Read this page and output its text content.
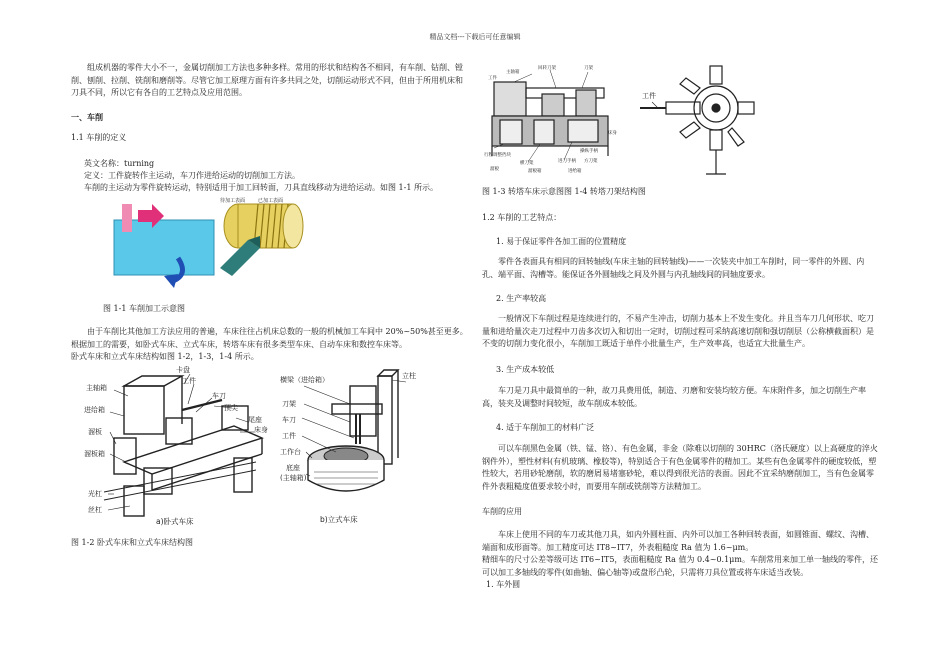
精品文档---下载后可任意编辑

组成机器的零件大小不一，金属切削加工方法也多种多样。常用的形状和结构各不相同，有车削、钻削、镗削、刨削、拉削、铣削和磨削等。尽管它加工原理方面有许多共同之处，切削运动形式不同，但由于所用机床和刀具不同，所以它有各自的工艺特点及应用范围。

一、车削
1.1 车削的定义
英文名称：turning
定义：工件旋转作主运动，车刀作进给运动的切削加工方法。
车削的主运动为零件旋转运动，特别适用于加工回转面，刀具直线移动为进给运动。如图 1-1 所示。
待加工表面	已加工表面
图 1-1 车削加工示意图

由于车削比其他加工方法应用的普遍，车床往往占机床总数的一般的机械加工车间中 20%~50%甚至更多。根据加工的需要，如卧式车床、立式车床，转塔车床有很多类型车床、自动车床和数控车床等。

卧式车床和立式车床结构如图 1-2，1-3，1-4 所示。

卡盘
主轴箱
工件
进给箱
车刀
顶尖
尾座
溜板	床身
溜板箱
光杠
丝杠
a)卧式车床
横梁（进给箱）	立柱
刀架
车刀
工件
工作台
底座
(主轴箱)
b)立式车床
图 1-2 卧式车床和立式车床结构图
回转刀架
主轴箱
刀架
工件
床身
行程调整挡块
横刀架	进刀手柄
操纵手柄
方刀架
溜板	溜板箱	进给箱
工件
图 1-3 转塔车床示意图图 1-4 转塔刀架结构图
1.2 车削的工艺特点：
1. 易于保证零件各加工面的位置精度

零件各表面具有相同的回转轴线(车床主轴的回转轴线)——一次装夹中加工车削时，同一零件的外圆、内孔、端平面、沟槽等。能保证各外圆轴线之间及外圆与内孔轴线间的同轴度要求。

2. 生产率较高

一般情况下车削过程是连续进行的，不易产生冲击，切削力基本上不发生变化。并且当车刀几何形状、吃刀量和进给量次走刀过程中刀齿多次切入和切出一定时，切削过程可采纳高速切削和强切削层（公称横截面积）是不变的切削力变化很小，车削加工既适于单件小批量生产，生产效率高，也适宜大批量生产。

3. 生产成本较低

车刀是刀具中最简单的一种，故刀具费用低，制造、刃磨和安装均较方便。车床附件多，加之切削生产率高，装夹及调整时间较短，故车削成本较低。

4. 适于车削加工的材料广泛

可以车削黑色金属（铁、锰、铬）、有色金属，非金（除难以切削的 30HRC（洛氏硬度）以上高硬度的淬火钢件外），塑性材料(有机玻璃、橡胶等)，特别适合于有色金属零件的精加工。某些有色金属零件的硬度较低，塑性较大，若用砂轮磨削，软的磨屑易堵塞砂轮，难以得到很光洁的表面。因此不宜采纳磨削加工，当有色金属零件外表粗糙度值要求较小时，而要用车削或铣削等方法精加工。

车削的应用

车床上使用不同的车刀或其他刀具，如内外圆柱面、内外可以加工各种回转表面，如圆锥面、螺纹、沟槽、端面和成形面等。加工精度可达 IT8~IT7，外表粗糙度 Ra 值为 1.6~μm。

精细车的尺寸公差等级可达 IT6~IT5，表面粗糙度 Ra 值为 0.4~0.1μm。车削常用来加工单一轴线的零件，还可以加工多轴线的零件(如曲轴、偏心轴等)或盘形凸轮，只需将刀具位置或将车床适当改装。

1. 车外圆
